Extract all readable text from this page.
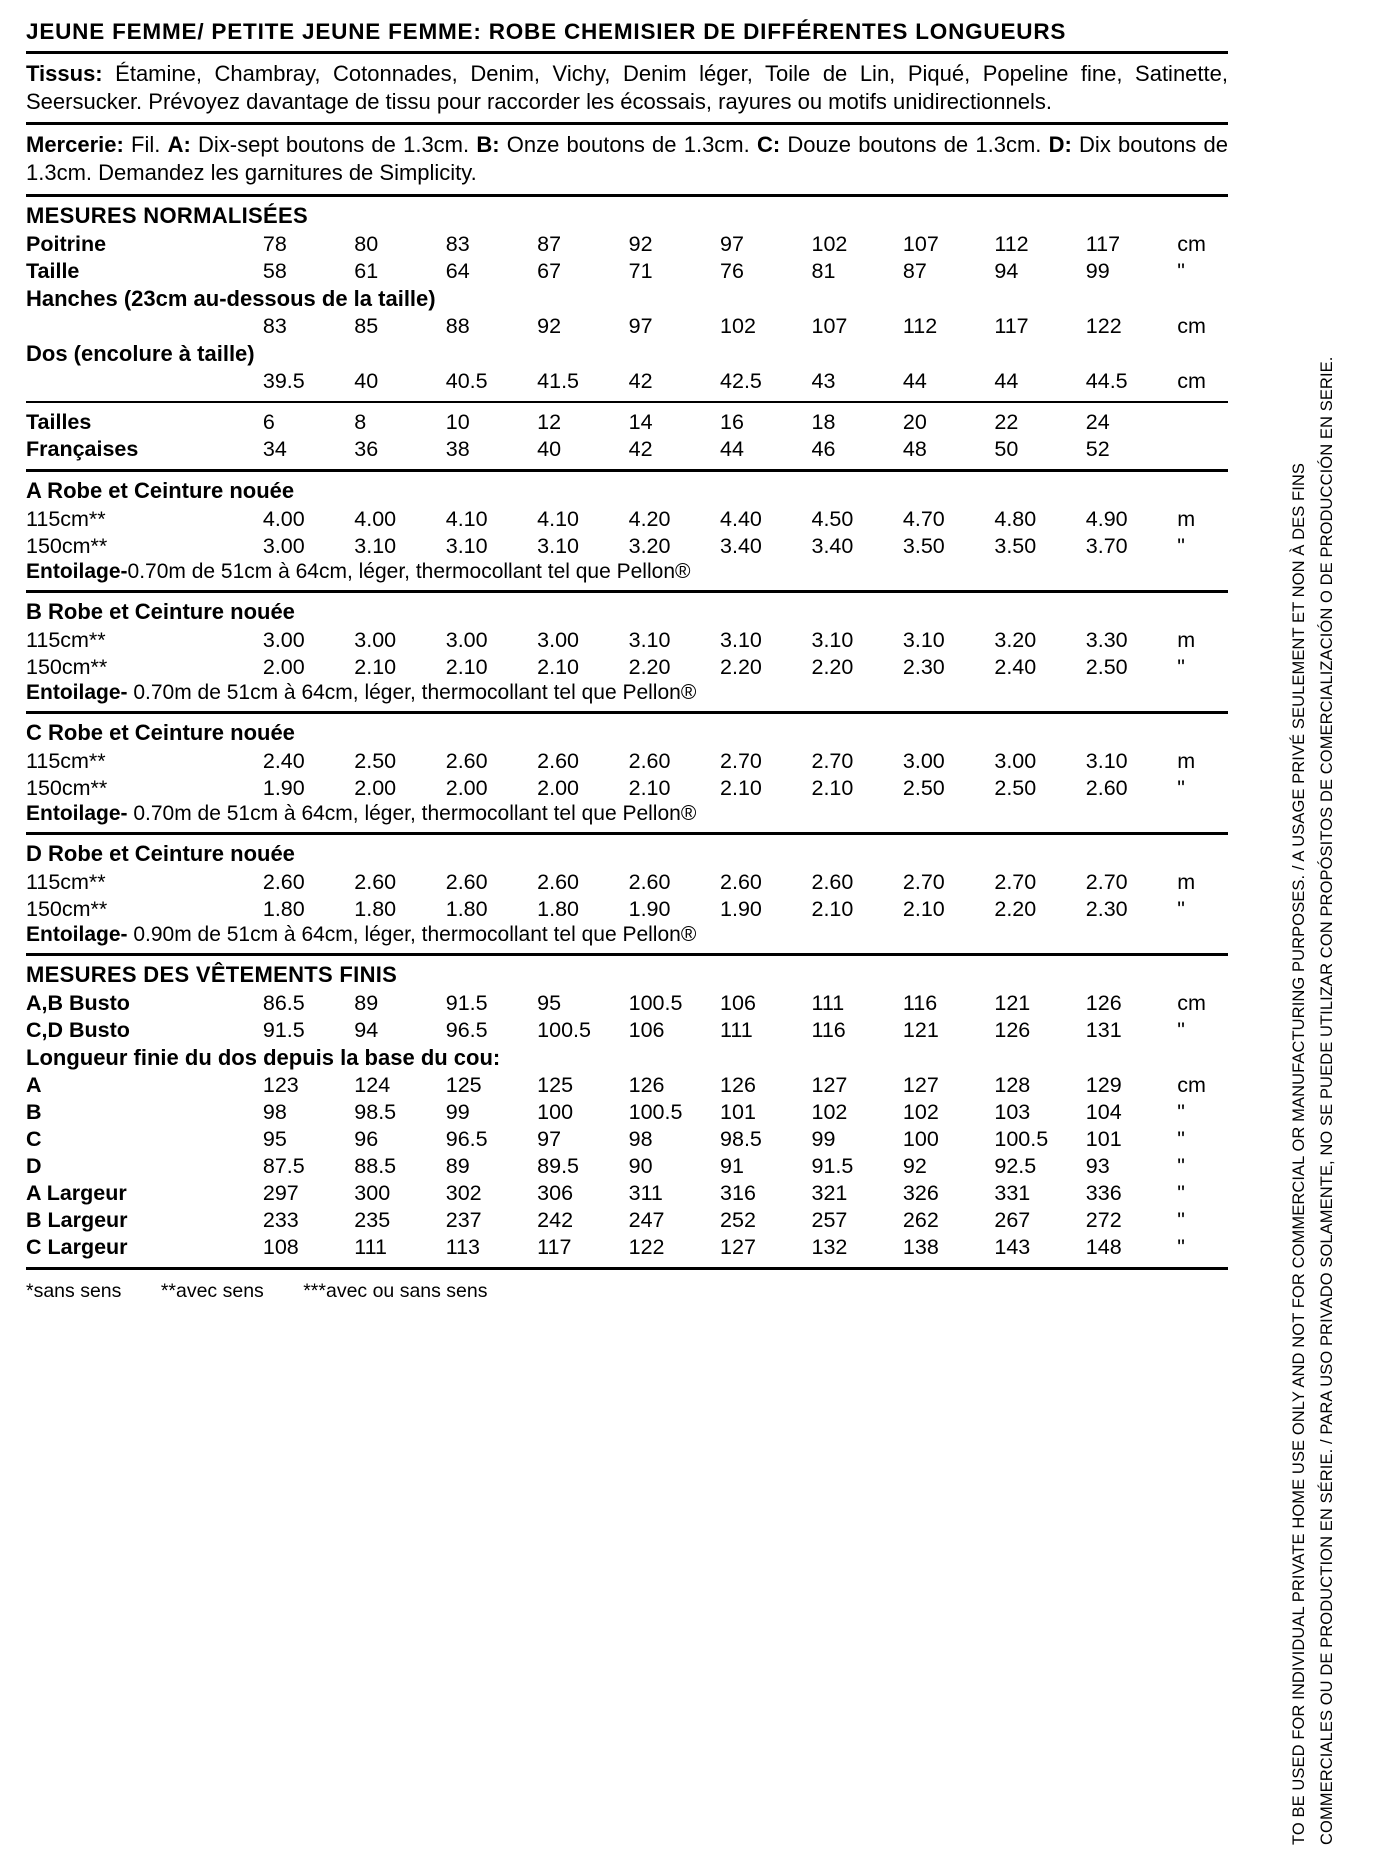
JEUNE FEMME/ PETITE JEUNE FEMME: ROBE CHEMISIER DE DIFFÉRENTES LONGUEURS

Tissus: Étamine, Chambray, Cotonnades, Denim, Vichy, Denim léger, Toile de Lin, Piqué, Popeline fine, Satinette, Seersucker. Prévoyez davantage de tissu pour raccorder les écossais, rayures ou motifs unidirectionnels.

Mercerie: Fil. A: Dix-sept boutons de 1.3cm. B: Onze boutons de 1.3cm. C: Douze boutons de 1.3cm. D: Dix boutons de 1.3cm. Demandez les garnitures de Simplicity.

MESURES NORMALISÉES
Poitrine	78	80	83	87	92	97	102	107	112	117	cm
Taille	58	61	64	67	71	76	81	87	94	99	"
Hanches (23cm au-dessous de la taille)											
	83	85	88	92	97	102	107	112	117	122	cm
Dos (encolure à taille)											
	39.5	40	40.5	41.5	42	42.5	43	44	44	44.5	cm
Tailles	6	8	10	12	14	16	18	20	22	24	
Françaises	34	36	38	40	42	44	46	48	50	52	
A Robe et Ceinture nouée
115cm**	4.00	4.00	4.10	4.10	4.20	4.40	4.50	4.70	4.80	4.90	m
150cm**	3.00	3.10	3.10	3.10	3.20	3.40	3.40	3.50	3.50	3.70	"

Entoilage-0.70m de 51cm à 64cm, léger, thermocollant tel que Pellon®

B Robe et Ceinture nouée
115cm**	3.00	3.00	3.00	3.00	3.10	3.10	3.10	3.10	3.20	3.30	m
150cm**	2.00	2.10	2.10	2.10	2.20	2.20	2.20	2.30	2.40	2.50	"

Entoilage- 0.70m de 51cm à 64cm, léger, thermocollant tel que Pellon®

C Robe et Ceinture nouée
115cm**	2.40	2.50	2.60	2.60	2.60	2.70	2.70	3.00	3.00	3.10	m
150cm**	1.90	2.00	2.00	2.00	2.10	2.10	2.10	2.50	2.50	2.60	"

Entoilage- 0.70m de 51cm à 64cm, léger, thermocollant tel que Pellon®

D Robe et Ceinture nouée
115cm**	2.60	2.60	2.60	2.60	2.60	2.60	2.60	2.70	2.70	2.70	m
150cm**	1.80	1.80	1.80	1.80	1.90	1.90	2.10	2.10	2.20	2.30	"

Entoilage- 0.90m de 51cm à 64cm, léger, thermocollant tel que Pellon®

MESURES DES VÊTEMENTS FINIS
A,B Busto	86.5	89	91.5	95	100.5	106	111	116	121	126	cm
C,D Busto	91.5	94	96.5	100.5	106	111	116	121	126	131	"
Longueur finie du dos depuis la base du cou:											
A	123	124	125	125	126	126	127	127	128	129	cm
B	98	98.5	99	100	100.5	101	102	102	103	104	"
C	95	96	96.5	97	98	98.5	99	100	100.5	101	"
D	87.5	88.5	89	89.5	90	91	91.5	92	92.5	93	"
A Largeur	297	300	302	306	311	316	321	326	331	336	"
B Largeur	233	235	237	242	247	252	257	262	267	272	"
C Largeur	108	111	113	117	122	127	132	138	143	148	"
*sans sens **avec sens ***avec ou sans sens	TO BE USED FOR INDIVIDUAL PRIVATE HOME USE ONLY AND NOT FOR COMMERCIAL OR MANUFACTURING PURPOSES. / A USAGE PRIVÉ SEULEMENT ET NON À DES FINS COMMERCIALES OU DE PRODUCTION EN SÉRIE. / PARA USO PRIVADO SOLAMENTE, NO SE PUEDE UTILIZAR CON PROPÓSITOS DE COMERCIALIZACIÓN O DE PRODUCCIÓN EN SERIE.
